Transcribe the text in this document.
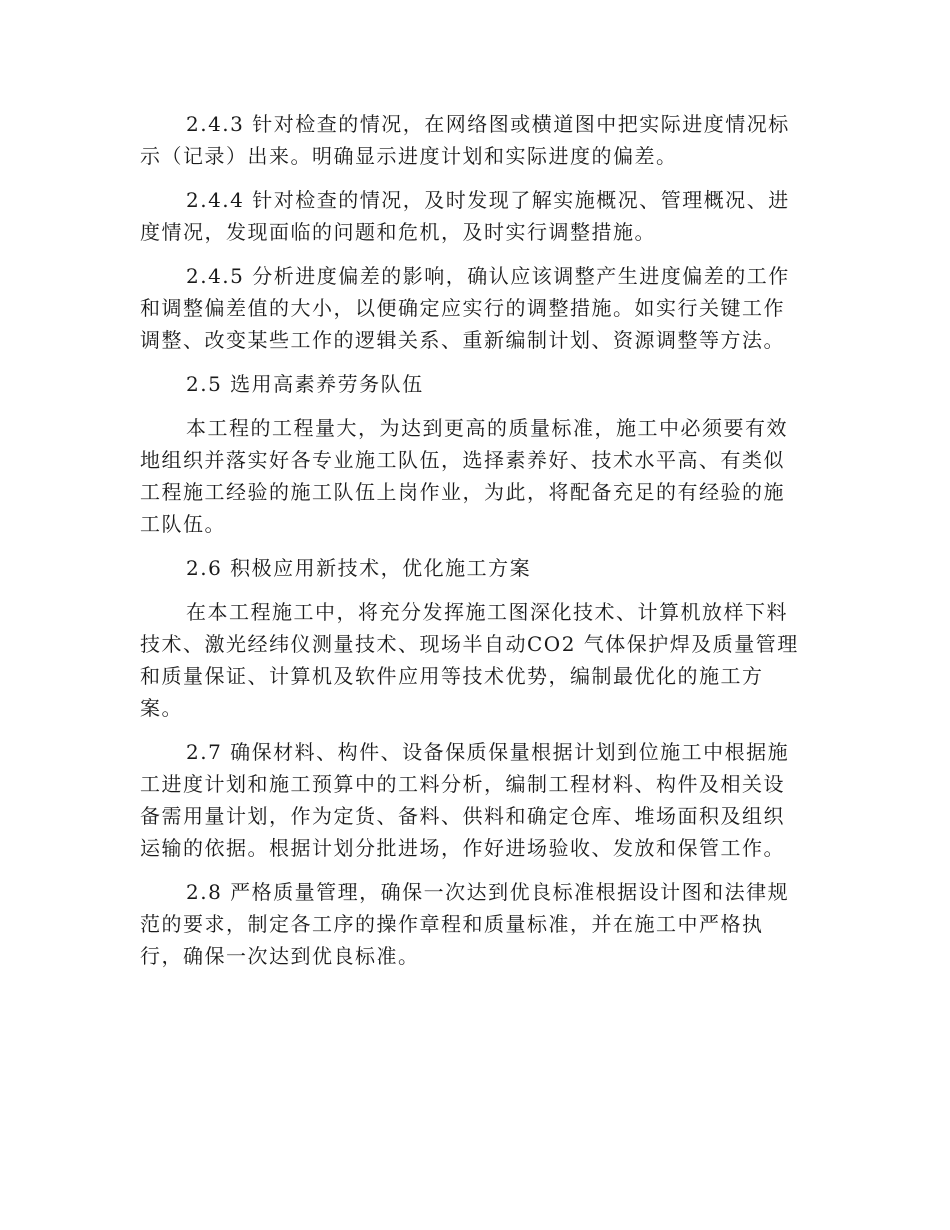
2.4.3 针对检查的情况，在网络图或横道图中把实际进度情况标
示（记录）出来。明确显示进度计划和实际进度的偏差。

2.4.4 针对检查的情况，及时发现了解实施概况、管理概况、进
度情况，发现面临的问题和危机，及时实行调整措施。

2.4.5 分析进度偏差的影响，确认应该调整产生进度偏差的工作
和调整偏差值的大小，以便确定应实行的调整措施。如实行关键工作
调整、改变某些工作的逻辑关系、重新编制计划、资源调整等方法。

2.5 选用高素养劳务队伍

本工程的工程量大，为达到更高的质量标准，施工中必须要有效
地组织并落实好各专业施工队伍，选择素养好、技术水平高、有类似
工程施工经验的施工队伍上岗作业，为此，将配备充足的有经验的施
工队伍。

2.6 积极应用新技术，优化施工方案

在本工程施工中，将充分发挥施工图深化技术、计算机放样下料
技术、激光经纬仪测量技术、现场半自动CO2 气体保护焊及质量管理
和质量保证、计算机及软件应用等技术优势，编制最优化的施工方
案。

2.7 确保材料、构件、设备保质保量根据计划到位施工中根据施
工进度计划和施工预算中的工料分析，编制工程材料、构件及相关设
备需用量计划，作为定货、备料、供料和确定仓库、堆场面积及组织
运输的依据。根据计划分批进场，作好进场验收、发放和保管工作。

2.8 严格质量管理，确保一次达到优良标准根据设计图和法律规
范的要求，制定各工序的操作章程和质量标准，并在施工中严格执
行，确保一次达到优良标准。
